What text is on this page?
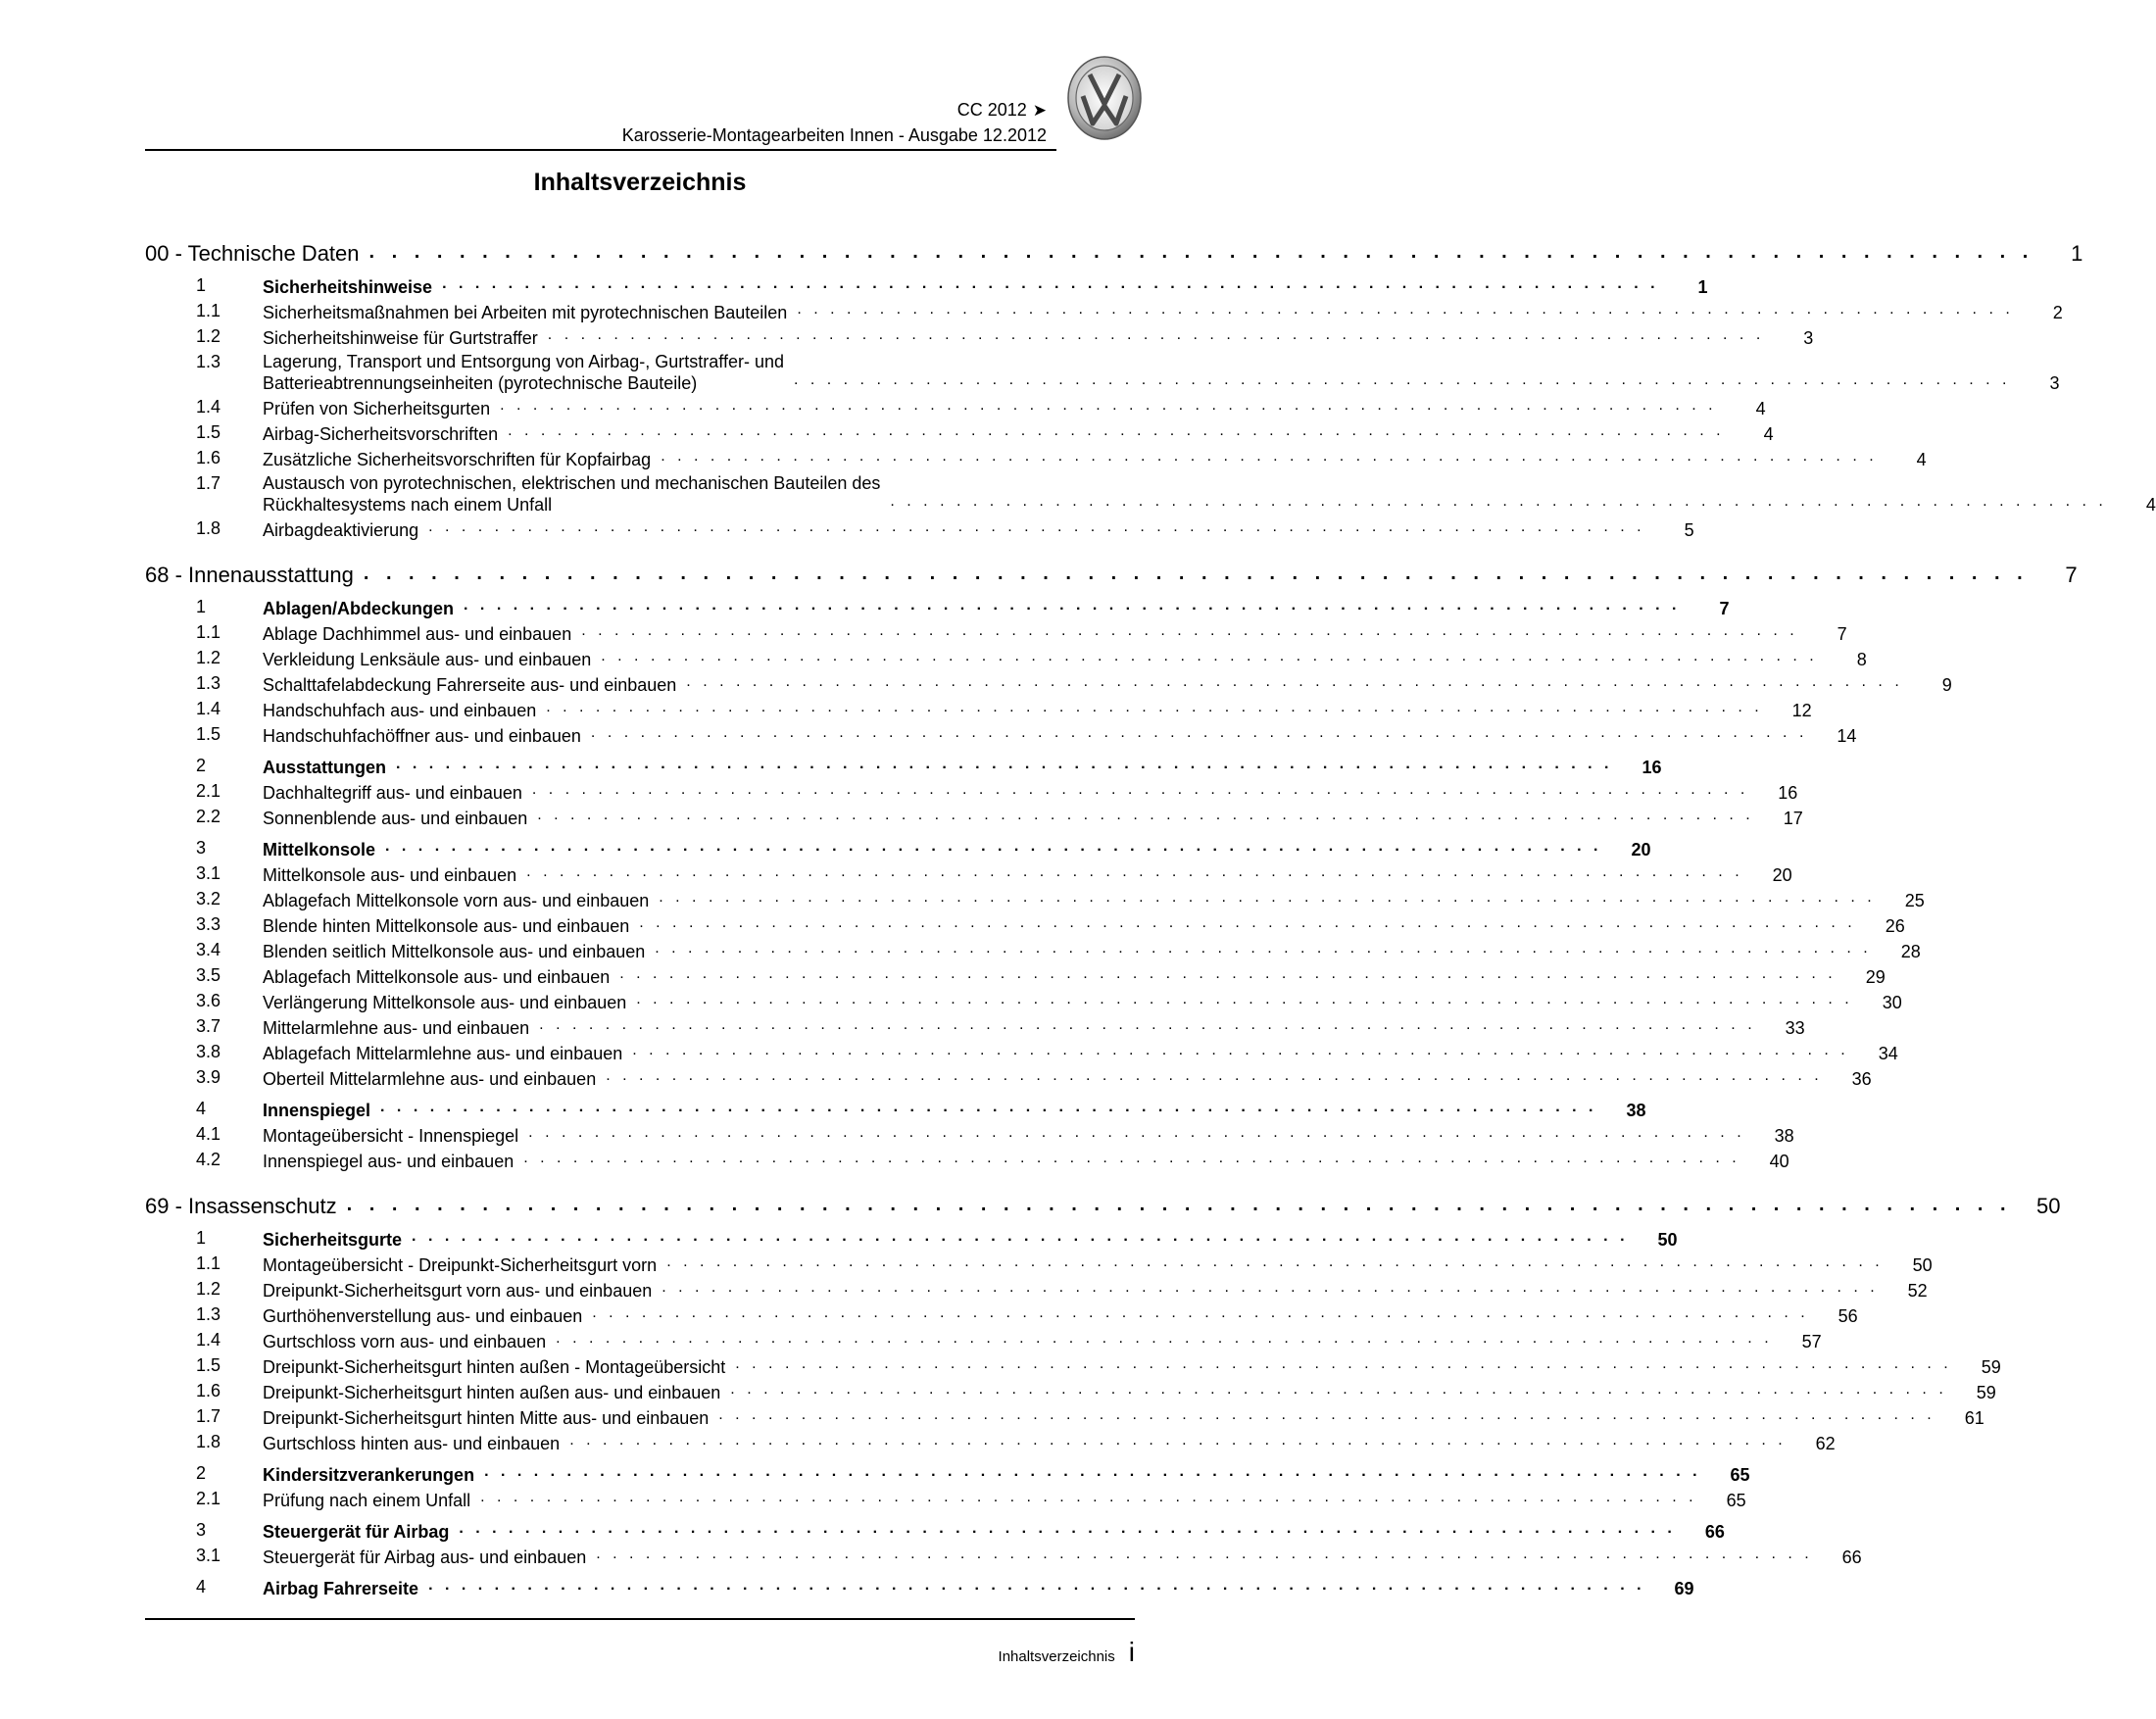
CC 2012 ➤
Karosserie-Montagearbeiten Innen - Ausgabe 12.2012
Inhaltsverzeichnis
00 - Technische Daten . . . . . . . . . . . . . . . . . . . . . . . . . . . . . . . . . . . . . . . . . . . . . . . . . . . . . . . . . . . . . . . . . . . . . . . . . .	1
1	Sicherheitshinweise . . . . . . . . . . . . . . . . . . . . . . . . . . . . . . . . . . . . . . . . . . . . . . . . . . . . . . . . . . . . . . . . . . . . . . . . . .	1
1.1	Sicherheitsmaßnahmen bei Arbeiten mit pyrotechnischen Bauteilen . . . . . . . . . . . . . . . . . . . . . . . . . . . . . . . . . . . . . . . . . . . . . . . . . . . . . . . . . . . . . . . . . . . . . . . . . .	2
1.2	Sicherheitshinweise für Gurtstraffer . . . . . . . . . . . . . . . . . . . . . . . . . . . . . . . . . . . . . . . . . . . . . . . . . . . . . . . . . . . . . . . . . . . . . . . . . .	3
1.3	Lagerung, Transport und Entsorgung von Airbag-, Gurtstraffer- und
Batterieabtrennungseinheiten (pyrotechnische Bauteile)	. . . . . . . . . . . . . . . . . . . . . . . . . . . . . . . . . . . . . . . . . . . . . . . . . . . . . . . . . . . . . . . . . . . . . . . . . .	3
1.4	Prüfen von Sicherheitsgurten . . . . . . . . . . . . . . . . . . . . . . . . . . . . . . . . . . . . . . . . . . . . . . . . . . . . . . . . . . . . . . . . . . . . . . . . . .	4
1.5	Airbag-Sicherheitsvorschriften . . . . . . . . . . . . . . . . . . . . . . . . . . . . . . . . . . . . . . . . . . . . . . . . . . . . . . . . . . . . . . . . . . . . . . . . . .	4
1.6	Zusätzliche Sicherheitsvorschriften für Kopfairbag . . . . . . . . . . . . . . . . . . . . . . . . . . . . . . . . . . . . . . . . . . . . . . . . . . . . . . . . . . . . . . . . . . . . . . . . . .	4
1.7	Austausch von pyrotechnischen, elektrischen und mechanischen Bauteilen des
Rückhaltesystems nach einem Unfall	. . . . . . . . . . . . . . . . . . . . . . . . . . . . . . . . . . . . . . . . . . . . . . . . . . . . . . . . . . . . . . . . . . . . . . . . . .	4
1.8	Airbagdeaktivierung . . . . . . . . . . . . . . . . . . . . . . . . . . . . . . . . . . . . . . . . . . . . . . . . . . . . . . . . . . . . . . . . . . . . . . . . . .	5
68 - Innenausstattung . . . . . . . . . . . . . . . . . . . . . . . . . . . . . . . . . . . . . . . . . . . . . . . . . . . . . . . . . . . . . . . . . . . . . . . . . .	7
1	Ablagen/Abdeckungen . . . . . . . . . . . . . . . . . . . . . . . . . . . . . . . . . . . . . . . . . . . . . . . . . . . . . . . . . . . . . . . . . . . . . . . . . .	7
1.1	Ablage Dachhimmel aus- und einbauen . . . . . . . . . . . . . . . . . . . . . . . . . . . . . . . . . . . . . . . . . . . . . . . . . . . . . . . . . . . . . . . . . . . . . . . . . .	7
1.2	Verkleidung Lenksäule aus- und einbauen . . . . . . . . . . . . . . . . . . . . . . . . . . . . . . . . . . . . . . . . . . . . . . . . . . . . . . . . . . . . . . . . . . . . . . . . . .	8
1.3	Schalttafelabdeckung Fahrerseite aus- und einbauen . . . . . . . . . . . . . . . . . . . . . . . . . . . . . . . . . . . . . . . . . . . . . . . . . . . . . . . . . . . . . . . . . . . . . . . . . .	9
1.4	Handschuhfach aus- und einbauen . . . . . . . . . . . . . . . . . . . . . . . . . . . . . . . . . . . . . . . . . . . . . . . . . . . . . . . . . . . . . . . . . . . . . . . . . .	12
1.5	Handschuhfachöffner aus- und einbauen . . . . . . . . . . . . . . . . . . . . . . . . . . . . . . . . . . . . . . . . . . . . . . . . . . . . . . . . . . . . . . . . . . . . . . . . . .	14
2	Ausstattungen . . . . . . . . . . . . . . . . . . . . . . . . . . . . . . . . . . . . . . . . . . . . . . . . . . . . . . . . . . . . . . . . . . . . . . . . . .	16
2.1	Dachhaltegriff aus- und einbauen . . . . . . . . . . . . . . . . . . . . . . . . . . . . . . . . . . . . . . . . . . . . . . . . . . . . . . . . . . . . . . . . . . . . . . . . . .	16
2.2	Sonnenblende aus- und einbauen . . . . . . . . . . . . . . . . . . . . . . . . . . . . . . . . . . . . . . . . . . . . . . . . . . . . . . . . . . . . . . . . . . . . . . . . . .	17
3	Mittelkonsole . . . . . . . . . . . . . . . . . . . . . . . . . . . . . . . . . . . . . . . . . . . . . . . . . . . . . . . . . . . . . . . . . . . . . . . . . .	20
3.1	Mittelkonsole aus- und einbauen . . . . . . . . . . . . . . . . . . . . . . . . . . . . . . . . . . . . . . . . . . . . . . . . . . . . . . . . . . . . . . . . . . . . . . . . . .	20
3.2	Ablagefach Mittelkonsole vorn aus- und einbauen . . . . . . . . . . . . . . . . . . . . . . . . . . . . . . . . . . . . . . . . . . . . . . . . . . . . . . . . . . . . . . . . . . . . . . . . . .	25
3.3	Blende hinten Mittelkonsole aus- und einbauen . . . . . . . . . . . . . . . . . . . . . . . . . . . . . . . . . . . . . . . . . . . . . . . . . . . . . . . . . . . . . . . . . . . . . . . . . .	26
3.4	Blenden seitlich Mittelkonsole aus- und einbauen . . . . . . . . . . . . . . . . . . . . . . . . . . . . . . . . . . . . . . . . . . . . . . . . . . . . . . . . . . . . . . . . . . . . . . . . . .	28
3.5	Ablagefach Mittelkonsole aus- und einbauen . . . . . . . . . . . . . . . . . . . . . . . . . . . . . . . . . . . . . . . . . . . . . . . . . . . . . . . . . . . . . . . . . . . . . . . . . .	29
3.6	Verlängerung Mittelkonsole aus- und einbauen . . . . . . . . . . . . . . . . . . . . . . . . . . . . . . . . . . . . . . . . . . . . . . . . . . . . . . . . . . . . . . . . . . . . . . . . . .	30
3.7	Mittelarmlehne aus- und einbauen . . . . . . . . . . . . . . . . . . . . . . . . . . . . . . . . . . . . . . . . . . . . . . . . . . . . . . . . . . . . . . . . . . . . . . . . . .	33
3.8	Ablagefach Mittelarmlehne aus- und einbauen . . . . . . . . . . . . . . . . . . . . . . . . . . . . . . . . . . . . . . . . . . . . . . . . . . . . . . . . . . . . . . . . . . . . . . . . . .	34
3.9	Oberteil Mittelarmlehne aus- und einbauen . . . . . . . . . . . . . . . . . . . . . . . . . . . . . . . . . . . . . . . . . . . . . . . . . . . . . . . . . . . . . . . . . . . . . . . . . .	36
4	Innenspiegel . . . . . . . . . . . . . . . . . . . . . . . . . . . . . . . . . . . . . . . . . . . . . . . . . . . . . . . . . . . . . . . . . . . . . . . . . .	38
4.1	Montageübersicht - Innenspiegel . . . . . . . . . . . . . . . . . . . . . . . . . . . . . . . . . . . . . . . . . . . . . . . . . . . . . . . . . . . . . . . . . . . . . . . . . .	38
4.2	Innenspiegel aus- und einbauen . . . . . . . . . . . . . . . . . . . . . . . . . . . . . . . . . . . . . . . . . . . . . . . . . . . . . . . . . . . . . . . . . . . . . . . . . .	40
69 - Insassenschutz . . . . . . . . . . . . . . . . . . . . . . . . . . . . . . . . . . . . . . . . . . . . . . . . . . . . . . . . . . . . . . . . . . . . . . . . . .	50
1	Sicherheitsgurte . . . . . . . . . . . . . . . . . . . . . . . . . . . . . . . . . . . . . . . . . . . . . . . . . . . . . . . . . . . . . . . . . . . . . . . . . .	50
1.1	Montageübersicht - Dreipunkt-Sicherheitsgurt vorn . . . . . . . . . . . . . . . . . . . . . . . . . . . . . . . . . . . . . . . . . . . . . . . . . . . . . . . . . . . . . . . . . . . . . . . . . .	50
1.2	Dreipunkt-Sicherheitsgurt vorn aus- und einbauen . . . . . . . . . . . . . . . . . . . . . . . . . . . . . . . . . . . . . . . . . . . . . . . . . . . . . . . . . . . . . . . . . . . . . . . . . .	52
1.3	Gurthöhenverstellung aus- und einbauen . . . . . . . . . . . . . . . . . . . . . . . . . . . . . . . . . . . . . . . . . . . . . . . . . . . . . . . . . . . . . . . . . . . . . . . . . .	56
1.4	Gurtschloss vorn aus- und einbauen . . . . . . . . . . . . . . . . . . . . . . . . . . . . . . . . . . . . . . . . . . . . . . . . . . . . . . . . . . . . . . . . . . . . . . . . . .	57
1.5	Dreipunkt-Sicherheitsgurt hinten außen - Montageübersicht . . . . . . . . . . . . . . . . . . . . . . . . . . . . . . . . . . . . . . . . . . . . . . . . . . . . . . . . . . . . . . . . . . . . . . . . . .	59
1.6	Dreipunkt-Sicherheitsgurt hinten außen aus- und einbauen . . . . . . . . . . . . . . . . . . . . . . . . . . . . . . . . . . . . . . . . . . . . . . . . . . . . . . . . . . . . . . . . . . . . . . . . . .	59
1.7	Dreipunkt-Sicherheitsgurt hinten Mitte aus- und einbauen . . . . . . . . . . . . . . . . . . . . . . . . . . . . . . . . . . . . . . . . . . . . . . . . . . . . . . . . . . . . . . . . . . . . . . . . . .	61
1.8	Gurtschloss hinten aus- und einbauen . . . . . . . . . . . . . . . . . . . . . . . . . . . . . . . . . . . . . . . . . . . . . . . . . . . . . . . . . . . . . . . . . . . . . . . . . .	62
2	Kindersitzverankerungen . . . . . . . . . . . . . . . . . . . . . . . . . . . . . . . . . . . . . . . . . . . . . . . . . . . . . . . . . . . . . . . . . . . . . . . . . .	65
2.1	Prüfung nach einem Unfall . . . . . . . . . . . . . . . . . . . . . . . . . . . . . . . . . . . . . . . . . . . . . . . . . . . . . . . . . . . . . . . . . . . . . . . . . .	65
3	Steuergerät für Airbag . . . . . . . . . . . . . . . . . . . . . . . . . . . . . . . . . . . . . . . . . . . . . . . . . . . . . . . . . . . . . . . . . . . . . . . . . .	66
3.1	Steuergerät für Airbag aus- und einbauen . . . . . . . . . . . . . . . . . . . . . . . . . . . . . . . . . . . . . . . . . . . . . . . . . . . . . . . . . . . . . . . . . . . . . . . . . .	66
4	Airbag Fahrerseite . . . . . . . . . . . . . . . . . . . . . . . . . . . . . . . . . . . . . . . . . . . . . . . . . . . . . . . . . . . . . . . . . . . . . . . . . .	69
Inhaltsverzeichnis i
